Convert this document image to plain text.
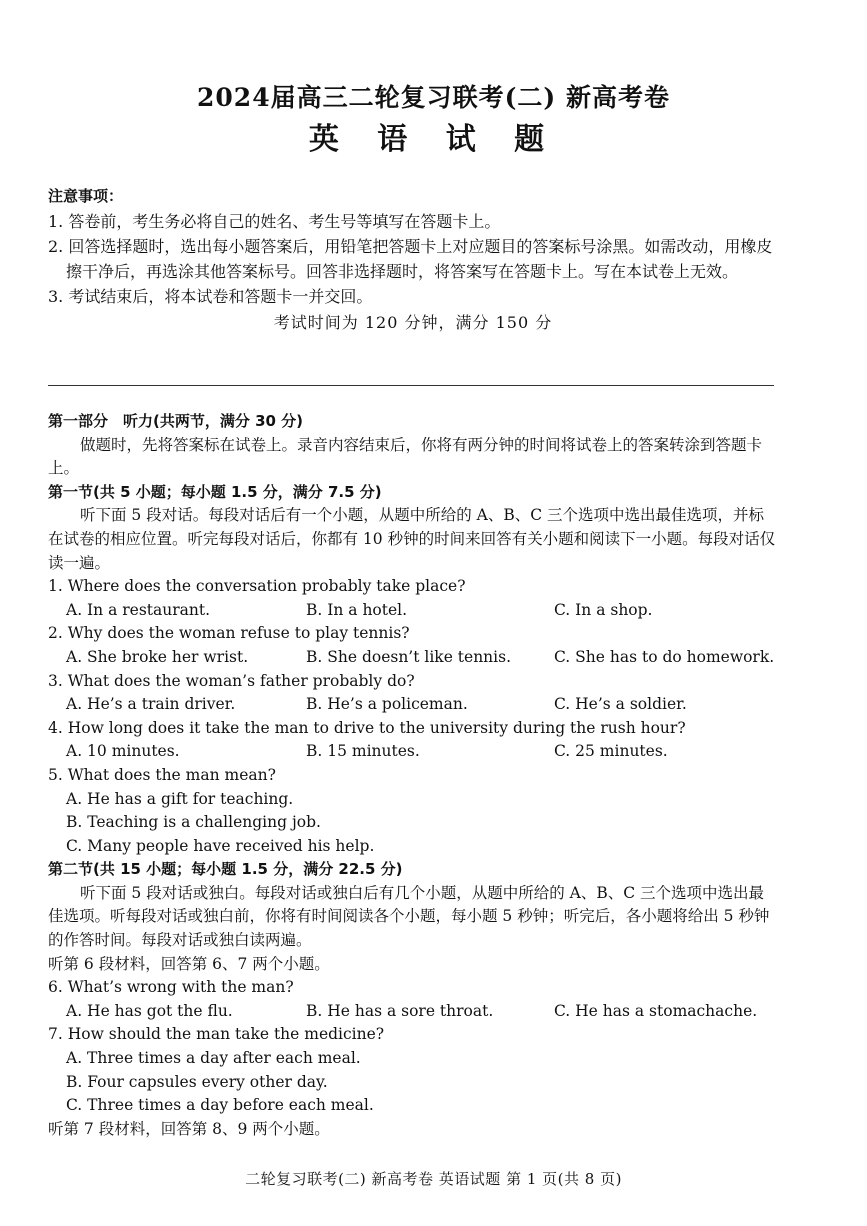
2024届高三二轮复习联考(二) 新高考卷
英 语 试 题
注意事项：
1. 答卷前，考生务必将自己的姓名、考生号等填写在答题卡上。
2. 回答选择题时，选出每小题答案后，用铅笔把答题卡上对应题目的答案标号涂黑。如需改动，用橡皮擦干净后，再选涂其他答案标号。回答非选择题时，将答案写在答题卡上。写在本试卷上无效。
3. 考试结束后，将本试卷和答题卡一并交回。
考试时间为 120 分钟，满分 150 分
第一部分　听力(共两节，满分 30 分)
做题时，先将答案标在试卷上。录音内容结束后，你将有两分钟的时间将试卷上的答案转涂到答题卡上。
第一节(共 5 小题；每小题 1.5 分，满分 7.5 分)
听下面 5 段对话。每段对话后有一个小题，从题中所给的 A、B、C 三个选项中选出最佳选项，并标在试卷的相应位置。听完每段对话后，你都有 10 秒钟的时间来回答有关小题和阅读下一小题。每段对话仅读一遍。
1. Where does the conversation probably take place?
A. In a restaurant.	B. In a hotel.	C. In a shop.
2. Why does the woman refuse to play tennis?
A. She broke her wrist.	B. She doesn’t like tennis.	C. She has to do homework.
3. What does the woman’s father probably do?
A. He’s a train driver.	B. He’s a policeman.	C. He’s a soldier.
4. How long does it take the man to drive to the university during the rush hour?
A. 10 minutes.	B. 15 minutes.	C. 25 minutes.
5. What does the man mean?
A. He has a gift for teaching.
B. Teaching is a challenging job.
C. Many people have received his help.
第二节(共 15 小题；每小题 1.5 分，满分 22.5 分)
听下面 5 段对话或独白。每段对话或独白后有几个小题，从题中所给的 A、B、C 三个选项中选出最佳选项。听每段对话或独白前，你将有时间阅读各个小题，每小题 5 秒钟；听完后，各小题将给出 5 秒钟的作答时间。每段对话或独白读两遍。
听第 6 段材料，回答第 6、7 两个小题。
6. What’s wrong with the man?
A. He has got the flu.	B. He has a sore throat.	C. He has a stomachache.
7. How should the man take the medicine?
A. Three times a day after each meal.
B. Four capsules every other day.
C. Three times a day before each meal.
听第 7 段材料，回答第 8、9 两个小题。
二轮复习联考(二) 新高考卷 英语试题 第 1 页(共 8 页)
